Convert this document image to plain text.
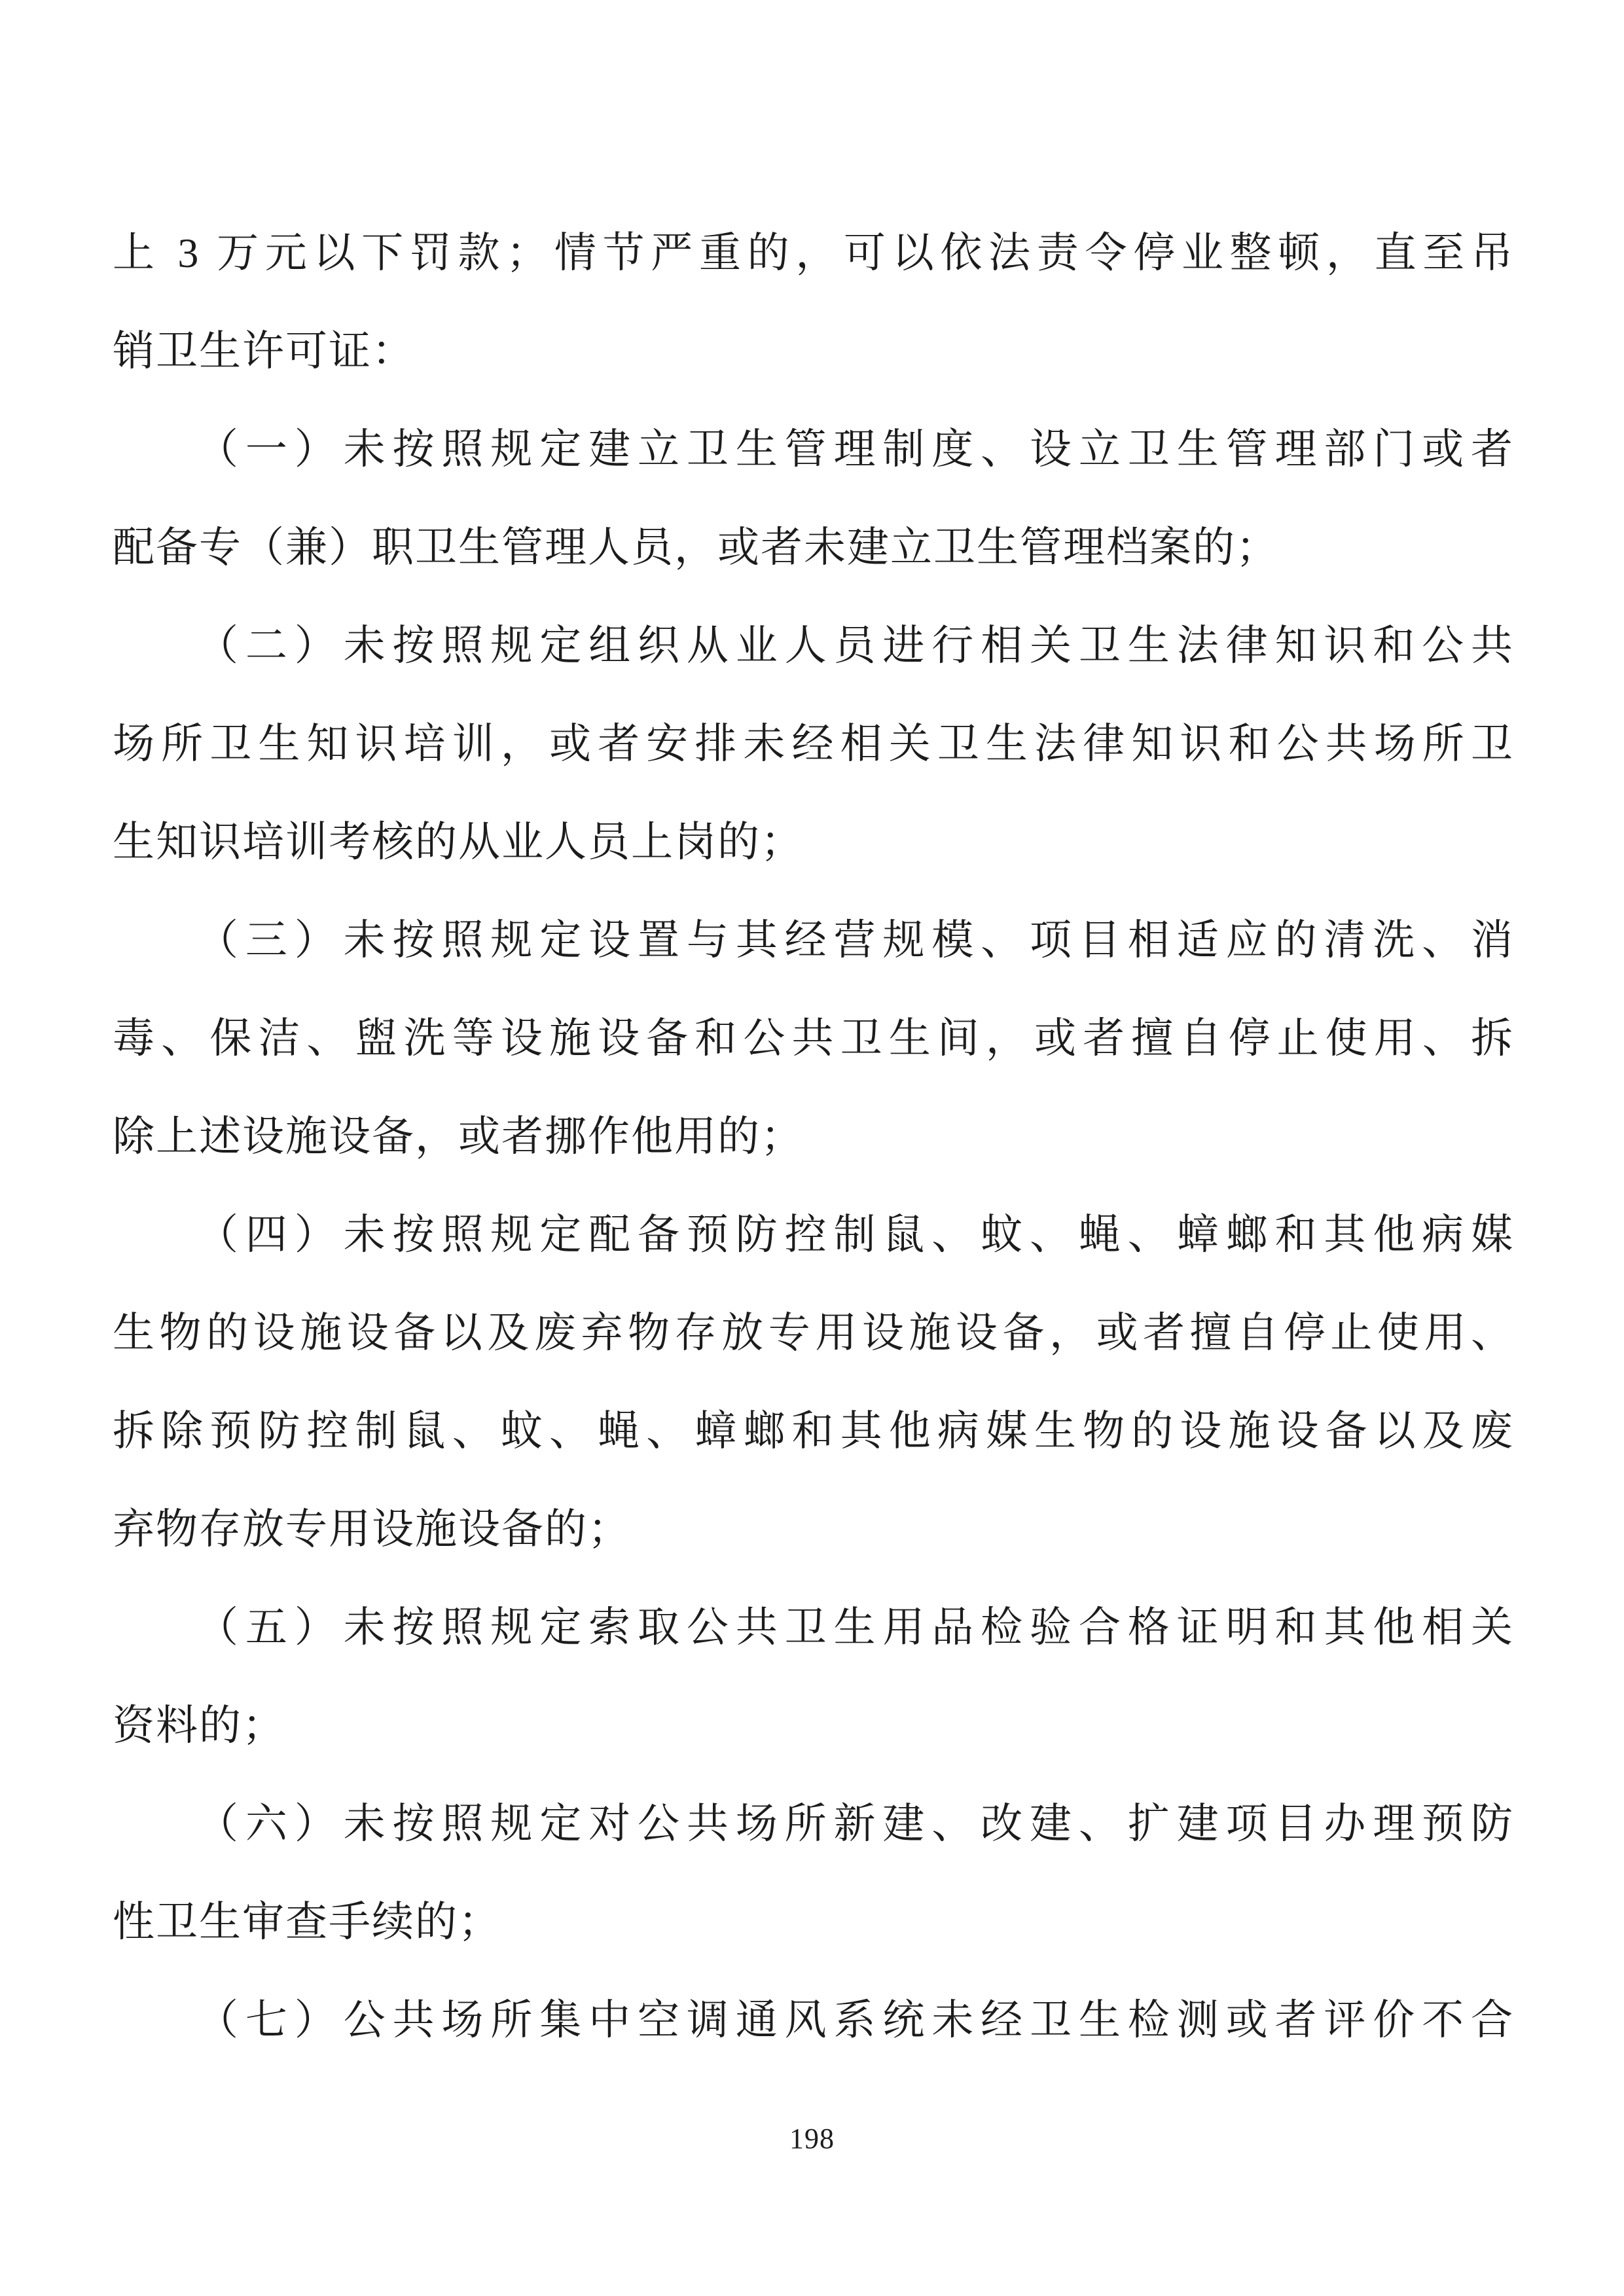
上 3 万元以下罚款；情节严重的，可以依法责令停业整顿，直至吊

销卫生许可证：

（一）未按照规定建立卫生管理制度、设立卫生管理部门或者

配备专（兼）职卫生管理人员，或者未建立卫生管理档案的；

（二）未按照规定组织从业人员进行相关卫生法律知识和公共

场所卫生知识培训，或者安排未经相关卫生法律知识和公共场所卫

生知识培训考核的从业人员上岗的；

（三）未按照规定设置与其经营规模、项目相适应的清洗、消

毒、保洁、盥洗等设施设备和公共卫生间，或者擅自停止使用、拆

除上述设施设备，或者挪作他用的；

（四）未按照规定配备预防控制鼠、蚊、蝇、蟑螂和其他病媒

生物的设施设备以及废弃物存放专用设施设备，或者擅自停止使用、

拆除预防控制鼠、蚊、蝇、蟑螂和其他病媒生物的设施设备以及废

弃物存放专用设施设备的；

（五）未按照规定索取公共卫生用品检验合格证明和其他相关

资料的；

（六）未按照规定对公共场所新建、改建、扩建项目办理预防

性卫生审查手续的；

（七）公共场所集中空调通风系统未经卫生检测或者评价不合

198
